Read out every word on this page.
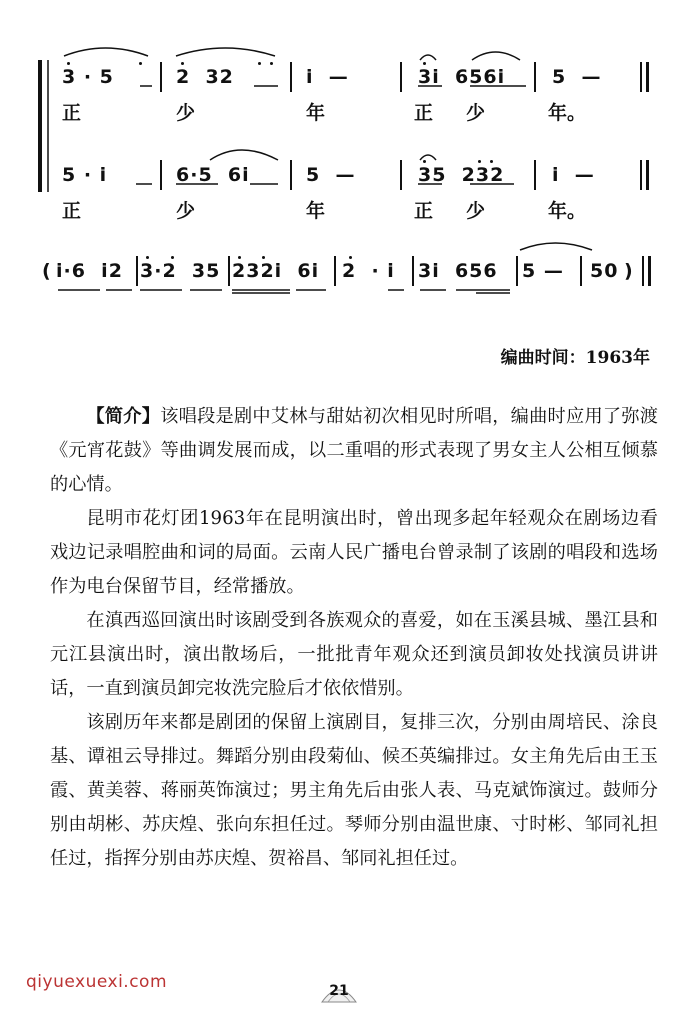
3 · 5	2  32	i  —	3i  656i 5  —
正	少	年	正 少	年。
5 · i	6·5  6i	5  —	35  232	i  —
正	少	年	正 少	年。
( i·6  i2 3·2  35 232i  6i 2  · i 3i  656 5 — 50 )
编曲时间：1963年

【简介】该唱段是剧中艾林与甜姑初次相见时所唱，编曲时应用了弥渡《元宵花鼓》等曲调发展而成，以二重唱的形式表现了男女主人公相互倾慕的心情。

昆明市花灯团1963年在昆明演出时，曾出现多起年轻观众在剧场边看戏边记录唱腔曲和词的局面。云南人民广播电台曾录制了该剧的唱段和选场作为电台保留节目，经常播放。

在滇西巡回演出时该剧受到各族观众的喜爱，如在玉溪县城、墨江县和元江县演出时，演出散场后，一批批青年观众还到演员卸妆处找演员讲讲话，一直到演员卸完妆洗完脸后才依依惜别。

该剧历年来都是剧团的保留上演剧目，复排三次，分别由周培民、涂良基、谭祖云导排过。舞蹈分别由段菊仙、候丕英编排过。女主角先后由王玉霞、黄美蓉、蒋丽英饰演过；男主角先后由张人表、马克斌饰演过。鼓师分别由胡彬、苏庆煌、张向东担任过。琴师分别由温世康、寸时彬、邹同礼担任过，指挥分别由苏庆煌、贺裕昌、邹同礼担任过。

qiyuexuexi.com	21
